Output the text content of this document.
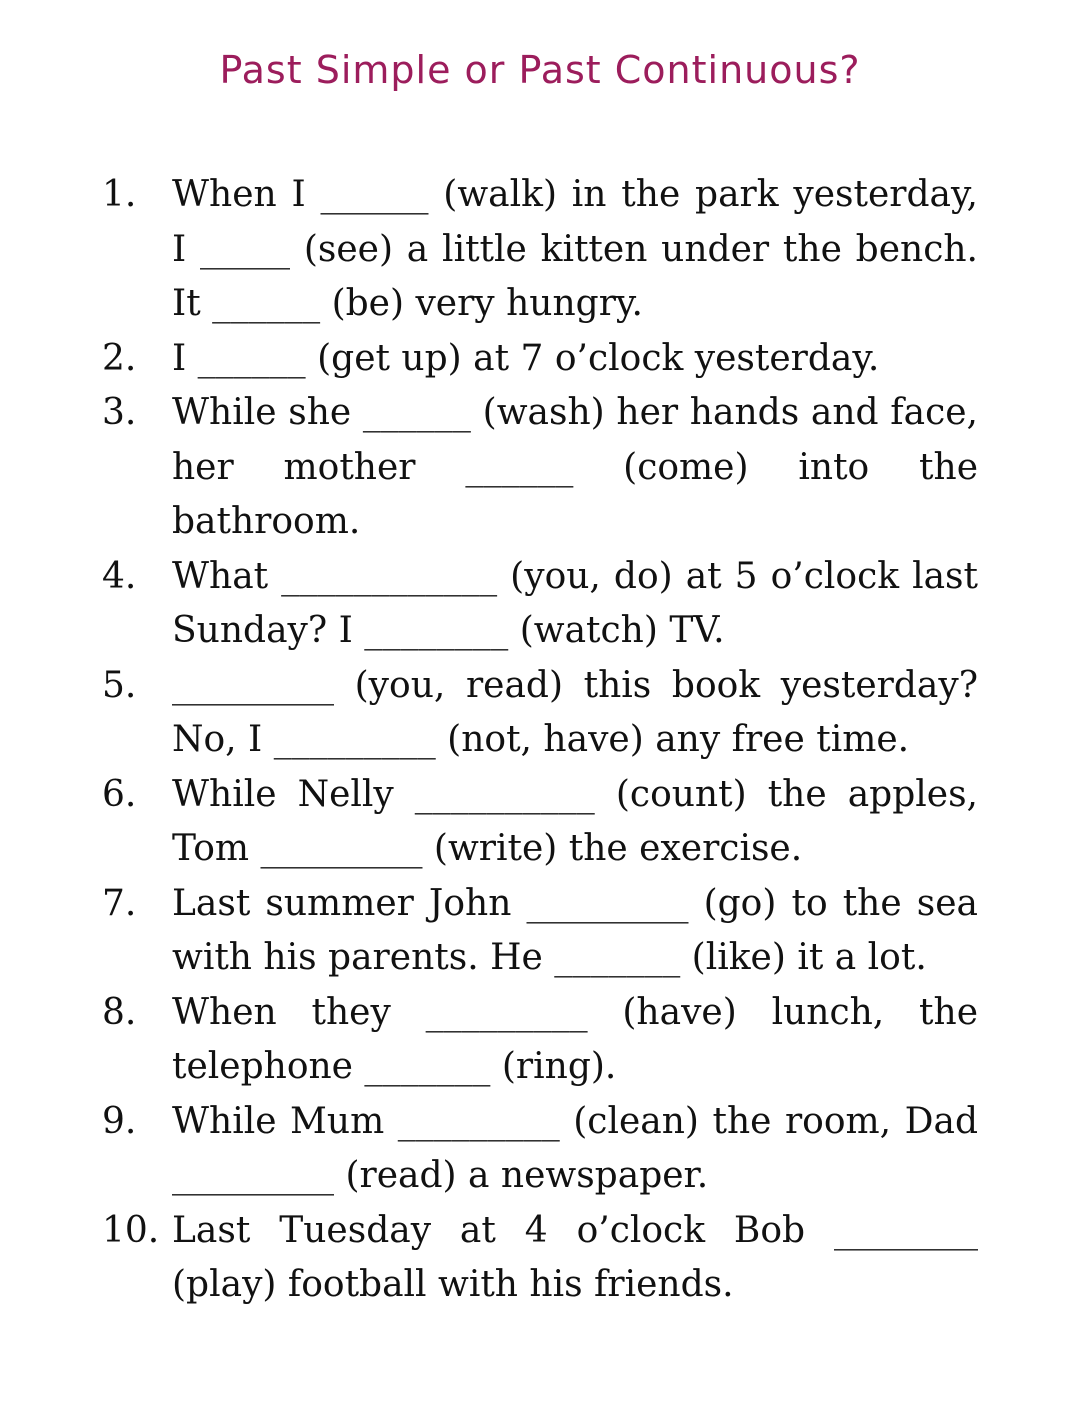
Past Simple or Past Continuous?
1. When I ______ (walk) in the park yesterday, I _____ (see) a little kitten under the bench. It ______ (be) very hungry.
2. I ______ (get up) at 7 o’clock yesterday.
3. While she ______ (wash) her hands and face, her mother ______ (come) into the bathroom.
4. What ____________ (you, do) at 5 o’clock last Sunday? I ________ (watch) TV.
5. _________ (you, read) this book yesterday? No, I _________ (not, have) any free time.
6. While Nelly __________ (count) the apples, Tom _________ (write) the exercise.
7. Last summer John _________ (go) to the sea with his parents. He _______ (like) it a lot.
8. When they _________ (have) lunch, the telephone _______ (ring).
9. While Mum _________ (clean) the room, Dad _________ (read) a newspaper.
10. Last Tuesday at 4 o’clock Bob ________ (play) football with his friends.
